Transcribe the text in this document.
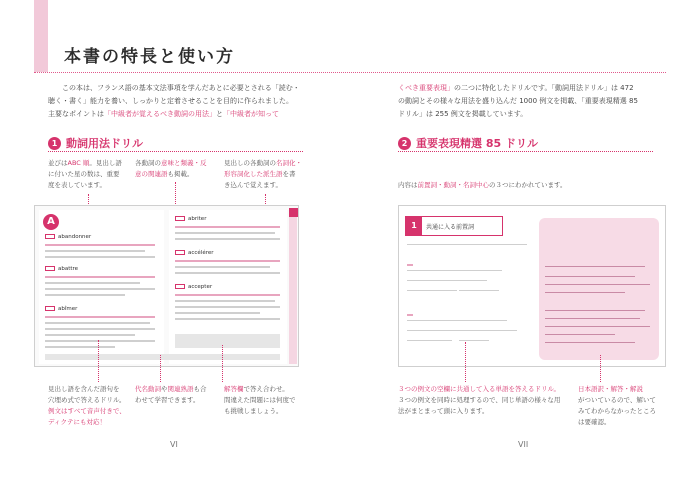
本書の特長と使い方
この本は、フランス語の基本文法事項を学んだあとに必要とされる「読む・
聴く・書く」能力を養い、しっかりと定着させることを目的に作られました。
主要なポイントは「中級者が覚えるべき動詞の用法」と「中級者が知って
くべき重要表現」の二つに特化したドリルです。「動詞用法ドリル」は 472
の動詞とその様々な用法を盛り込んだ 1000 例文を掲載、「重要表現精選 85
ドリル」は 255 例文を掲載しています。
1 動詞用法ドリル
並びはABC 順。見出し語
に付いた星の数は、重要
度を表しています。
各動詞の意味と類義・反
意の関連語も掲載。
見出しの各動詞の名詞化・
形容詞化した派生語を書
き込んで覚えます。
A
abandonner
abattre
abîmer
abriter
accélérer
accepter
見出し語を含んだ語句を
穴埋め式で答えるドリル。
例文はすべて音声付きで、
ディクテにも対応！
代名動詞や関連熟語も合
わせて学習できます。
解答欄で答え合わせ。
間違えた問題には何度で
も挑戦しましょう。
2 重要表現精選 85 ドリル
内容は前置詞・動詞・名詞中心の３つにわかれています。
1	共通に入る前置詞
３つの例文の空欄に共通して入る単語を答えるドリル。
３つの例文を同時に処理するので、同じ単語の様々な用
法がまとまって頭に入ります。
日本語訳・解答・解説
がついているので、解いて
みてわからなかったところ
は要確認。
VI	VII
